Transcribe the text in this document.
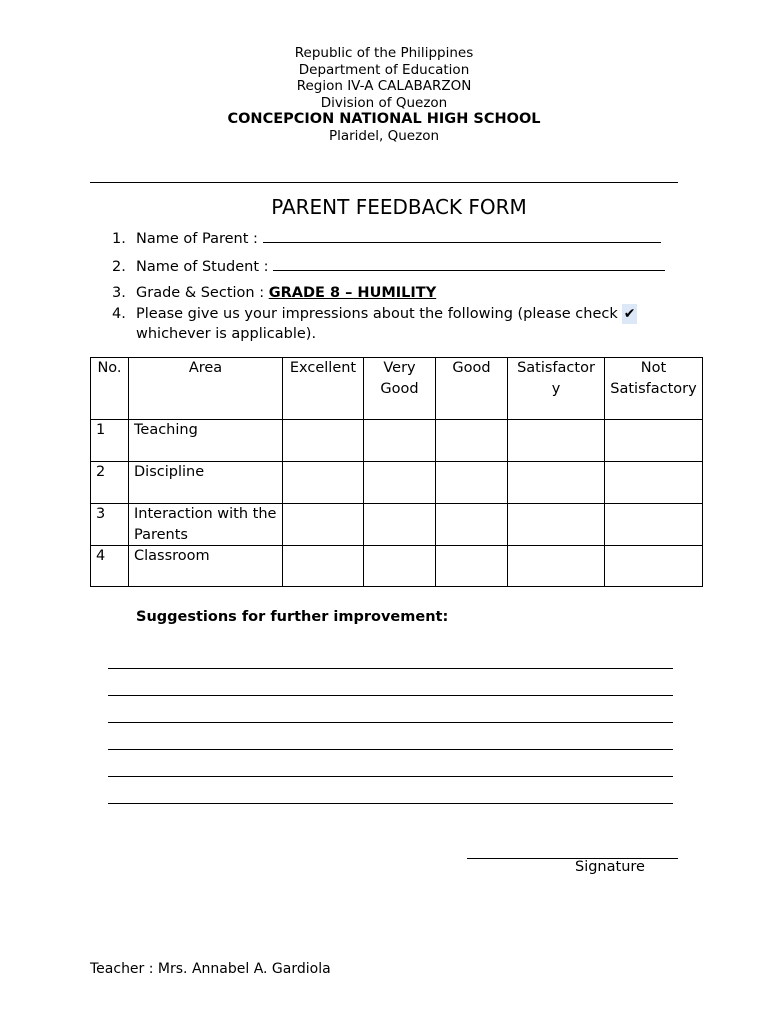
Republic of the Philippines
Department of Education
Region IV-A CALABARZON
Division of Quezon
CONCEPCION NATIONAL HIGH SCHOOL
Plaridel, Quezon
PARENT FEEDBACK FORM
1. Name of Parent :
2. Name of Student :
3. Grade & Section : GRADE 8 – HUMILITY
4. Please give us your impressions about the following (please check ✔
whichever is applicable).
No.	Area	Excellent	Very Good	Good	Satisfactory	Not Satisfactory
1	Teaching					
2	Discipline					
3	Interaction with the Parents					
4	Classroom					
Suggestions for further improvement:
Signature
Teacher : Mrs. Annabel A. Gardiola
